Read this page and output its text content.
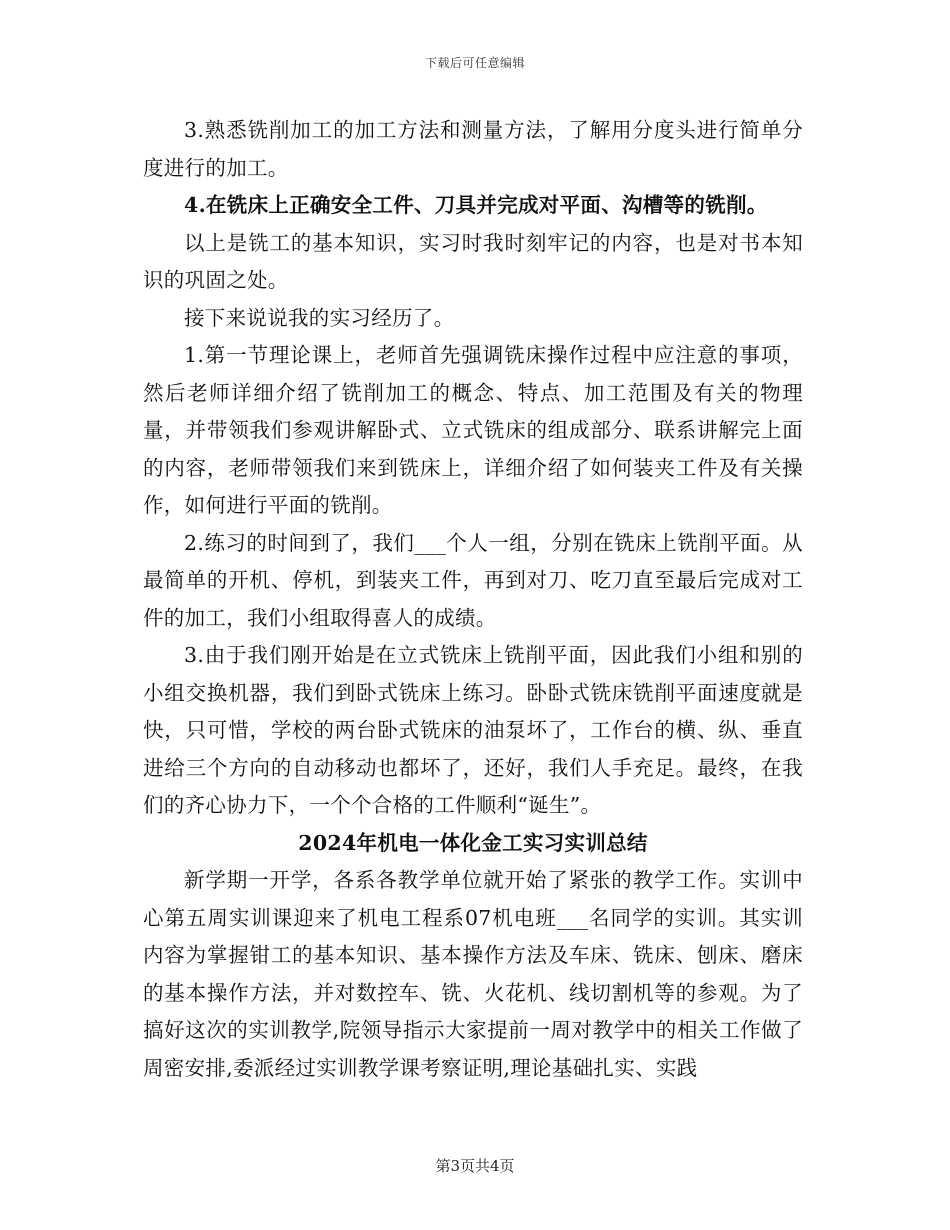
下载后可任意编辑

3.熟悉铣削加工的加工方法和测量方法，了解用分度头进行简单分度进行的加工。

4.在铣床上正确安全工件、刀具并完成对平面、沟槽等的铣削。

以上是铣工的基本知识，实习时我时刻牢记的内容，也是对书本知识的巩固之处。

接下来说说我的实习经历了。

1.第一节理论课上，老师首先强调铣床操作过程中应注意的事项，然后老师详细介绍了铣削加工的概念、特点、加工范围及有关的物理量，并带领我们参观讲解卧式、立式铣床的组成部分、联系讲解完上面的内容，老师带领我们来到铣床上，详细介绍了如何装夹工件及有关操作，如何进行平面的铣削。

2.练习的时间到了，我们___个人一组，分别在铣床上铣削平面。从最简单的开机、停机，到装夹工件，再到对刀、吃刀直至最后完成对工件的加工，我们小组取得喜人的成绩。

3.由于我们刚开始是在立式铣床上铣削平面，因此我们小组和别的小组交换机器，我们到卧式铣床上练习。卧卧式铣床铣削平面速度就是快，只可惜，学校的两台卧式铣床的油泵坏了，工作台的横、纵、垂直进给三个方向的自动移动也都坏了，还好，我们人手充足。最终，在我们的齐心协力下，一个个合格的工件顺利“诞生”。

2024年机电一体化金工实习实训总结

新学期一开学，各系各教学单位就开始了紧张的教学工作。实训中心第五周实训课迎来了机电工程系07机电班___名同学的实训。其实训内容为掌握钳工的基本知识、基本操作方法及车床、铣床、刨床、磨床的基本操作方法，并对数控车、铣、火花机、线切割机等的参观。为了搞好这次的实训教学,院领导指示大家提前一周对教学中的相关工作做了周密安排,委派经过实训教学课考察证明,理论基础扎实、实践

第3页共4页
